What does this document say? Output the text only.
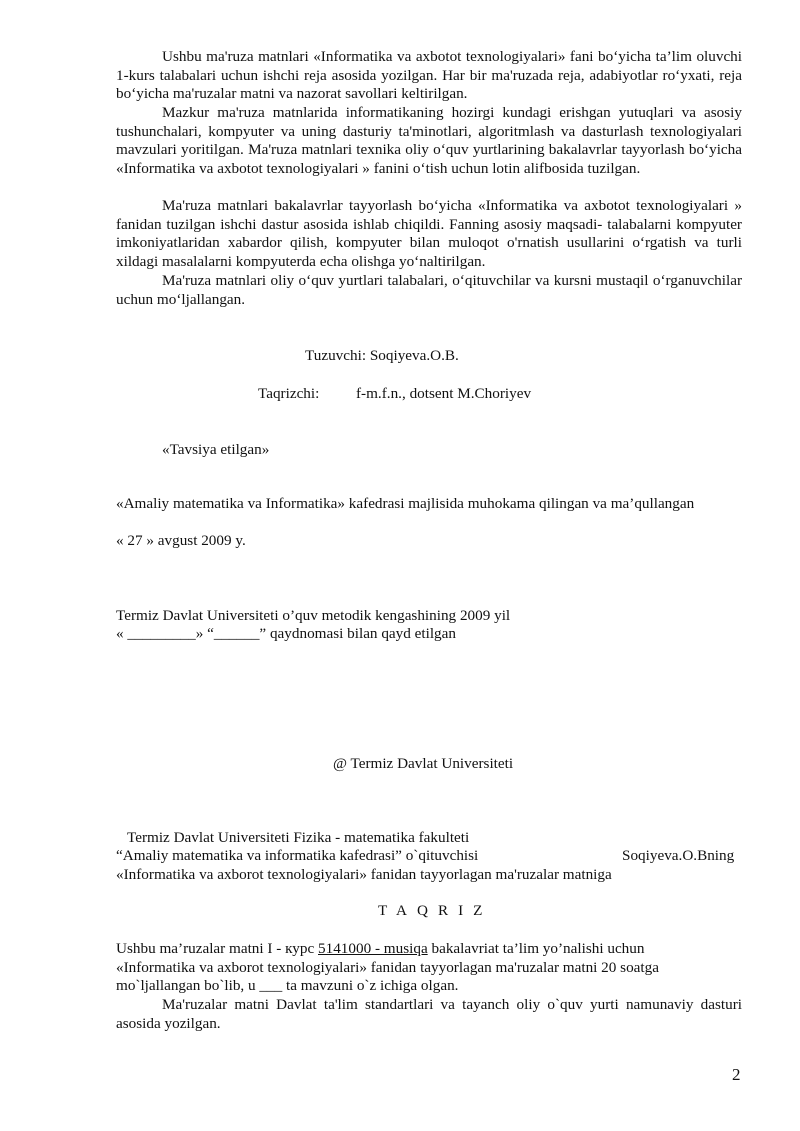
Ushbu ma'ruza matnlari «Informatika va axbotot texnologiyalari» fani bo‘yicha ta’lim oluvchi 1-kurs talabalari uchun ishchi reja asosida yozilgan. Har bir ma'ruzada reja, adabiyotlar ro‘yxati, reja bo‘yicha ma'ruzalar matni va nazorat savollari keltirilgan.

Mazkur ma'ruza matnlarida informatikaning hozirgi kundagi erishgan yutuqlari va asosiy tushunchalari, kompyuter va uning dasturiy ta'minotlari, algoritmlash va dasturlash texnologiyalari mavzulari yoritilgan. Ma'ruza matnlari texnika oliy o‘quv yurtlarining bakalavrlar tayyorlash bo‘yicha «Informatika va axbotot texnologiyalari » fanini o‘tish uchun lotin alifbosida tuzilgan.

Ma'ruza matnlari bakalavrlar tayyorlash bo‘yicha «Informatika va axbotot texnologiyalari » fanidan tuzilgan ishchi dastur asosida ishlab chiqildi. Fanning asosiy maqsadi- talabalarni kompyuter imkoniyatlaridan xabardor qilish, kompyuter bilan muloqot o'rnatish usullarini o‘rgatish va turli xildagi masalalarni kompyuterda echa olishga yo‘naltirilgan.

Ma'ruza matnlari oliy o‘quv yurtlari talabalari, o‘qituvchilar va kursni mustaqil o‘rganuvchilar uchun mo‘ljallangan.

Tuzuvchi: Soqiyeva.O.B.

Taqrizchi: f-m.f.n., dotsent M.Choriyev

«Tavsiya etilgan»

«Amaliy matematika va Informatika» kafedrasi majlisida muhokama qilingan va ma’qullangan

« 27 » avgust 2009 y.

Termiz Davlat Universiteti o’quv metodik kengashining 2009 yil

« _________» “______” qaydnomasi bilan qayd etilgan

@ Termiz Davlat Universiteti

Termiz Davlat Universiteti Fizika - matematika fakulteti

“Amaliy matematika va informatika kafedrasi” o`qituvchisi	Soqiyeva.O.Bning

«Informatika va axborot texnologiyalari» fanidan tayyorlagan ma'ruzalar matniga

TAQRIZ

Ushbu ma’ruzalar matni I - курс 5141000 - musiqa bakalavriat ta’lim yo’nalishi uchun

«Informatika va axborot texnologiyalari» fanidan tayyorlagan ma'ruzalar matni 20 soatga

mo`ljallangan bo`lib, u ___ ta mavzuni o`z ichiga olgan.

Ma'ruzalar matni Davlat ta'lim standartlari va tayanch oliy o`quv yurti namunaviy dasturi asosida yozilgan.

2
